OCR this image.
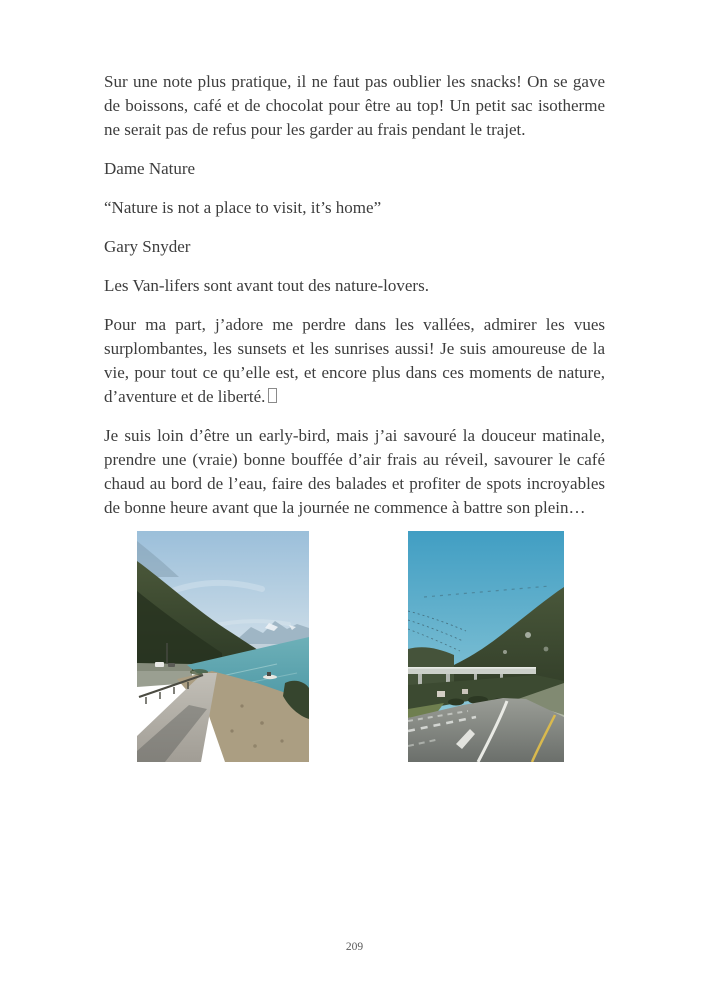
Sur une note plus pratique, il ne faut pas oublier les snacks! On se gave de boissons, café et de chocolat pour être au top! Un petit sac isotherme ne serait pas de refus pour les garder au frais pendant le trajet.

Dame Nature

“Nature is not a place to visit, it’s home”

Gary Snyder

Les Van-lifers sont avant tout des nature-lovers.

Pour ma part, j’adore me perdre dans les vallées, admirer les vues surplombantes, les sunsets et les sunrises aussi! Je suis amoureuse de la vie, pour tout ce qu’elle est, et encore plus dans ces moments de nature, d’aventure et de liberté.

Je suis loin d’être un early-bird, mais j’ai savouré la douceur matinale, prendre une (vraie) bonne bouffée d’air frais au réveil, savourer le café chaud au bord de l’eau, faire des balades et profiter de spots incroyables de bonne heure avant que la journée ne commence à battre son plein…

209
